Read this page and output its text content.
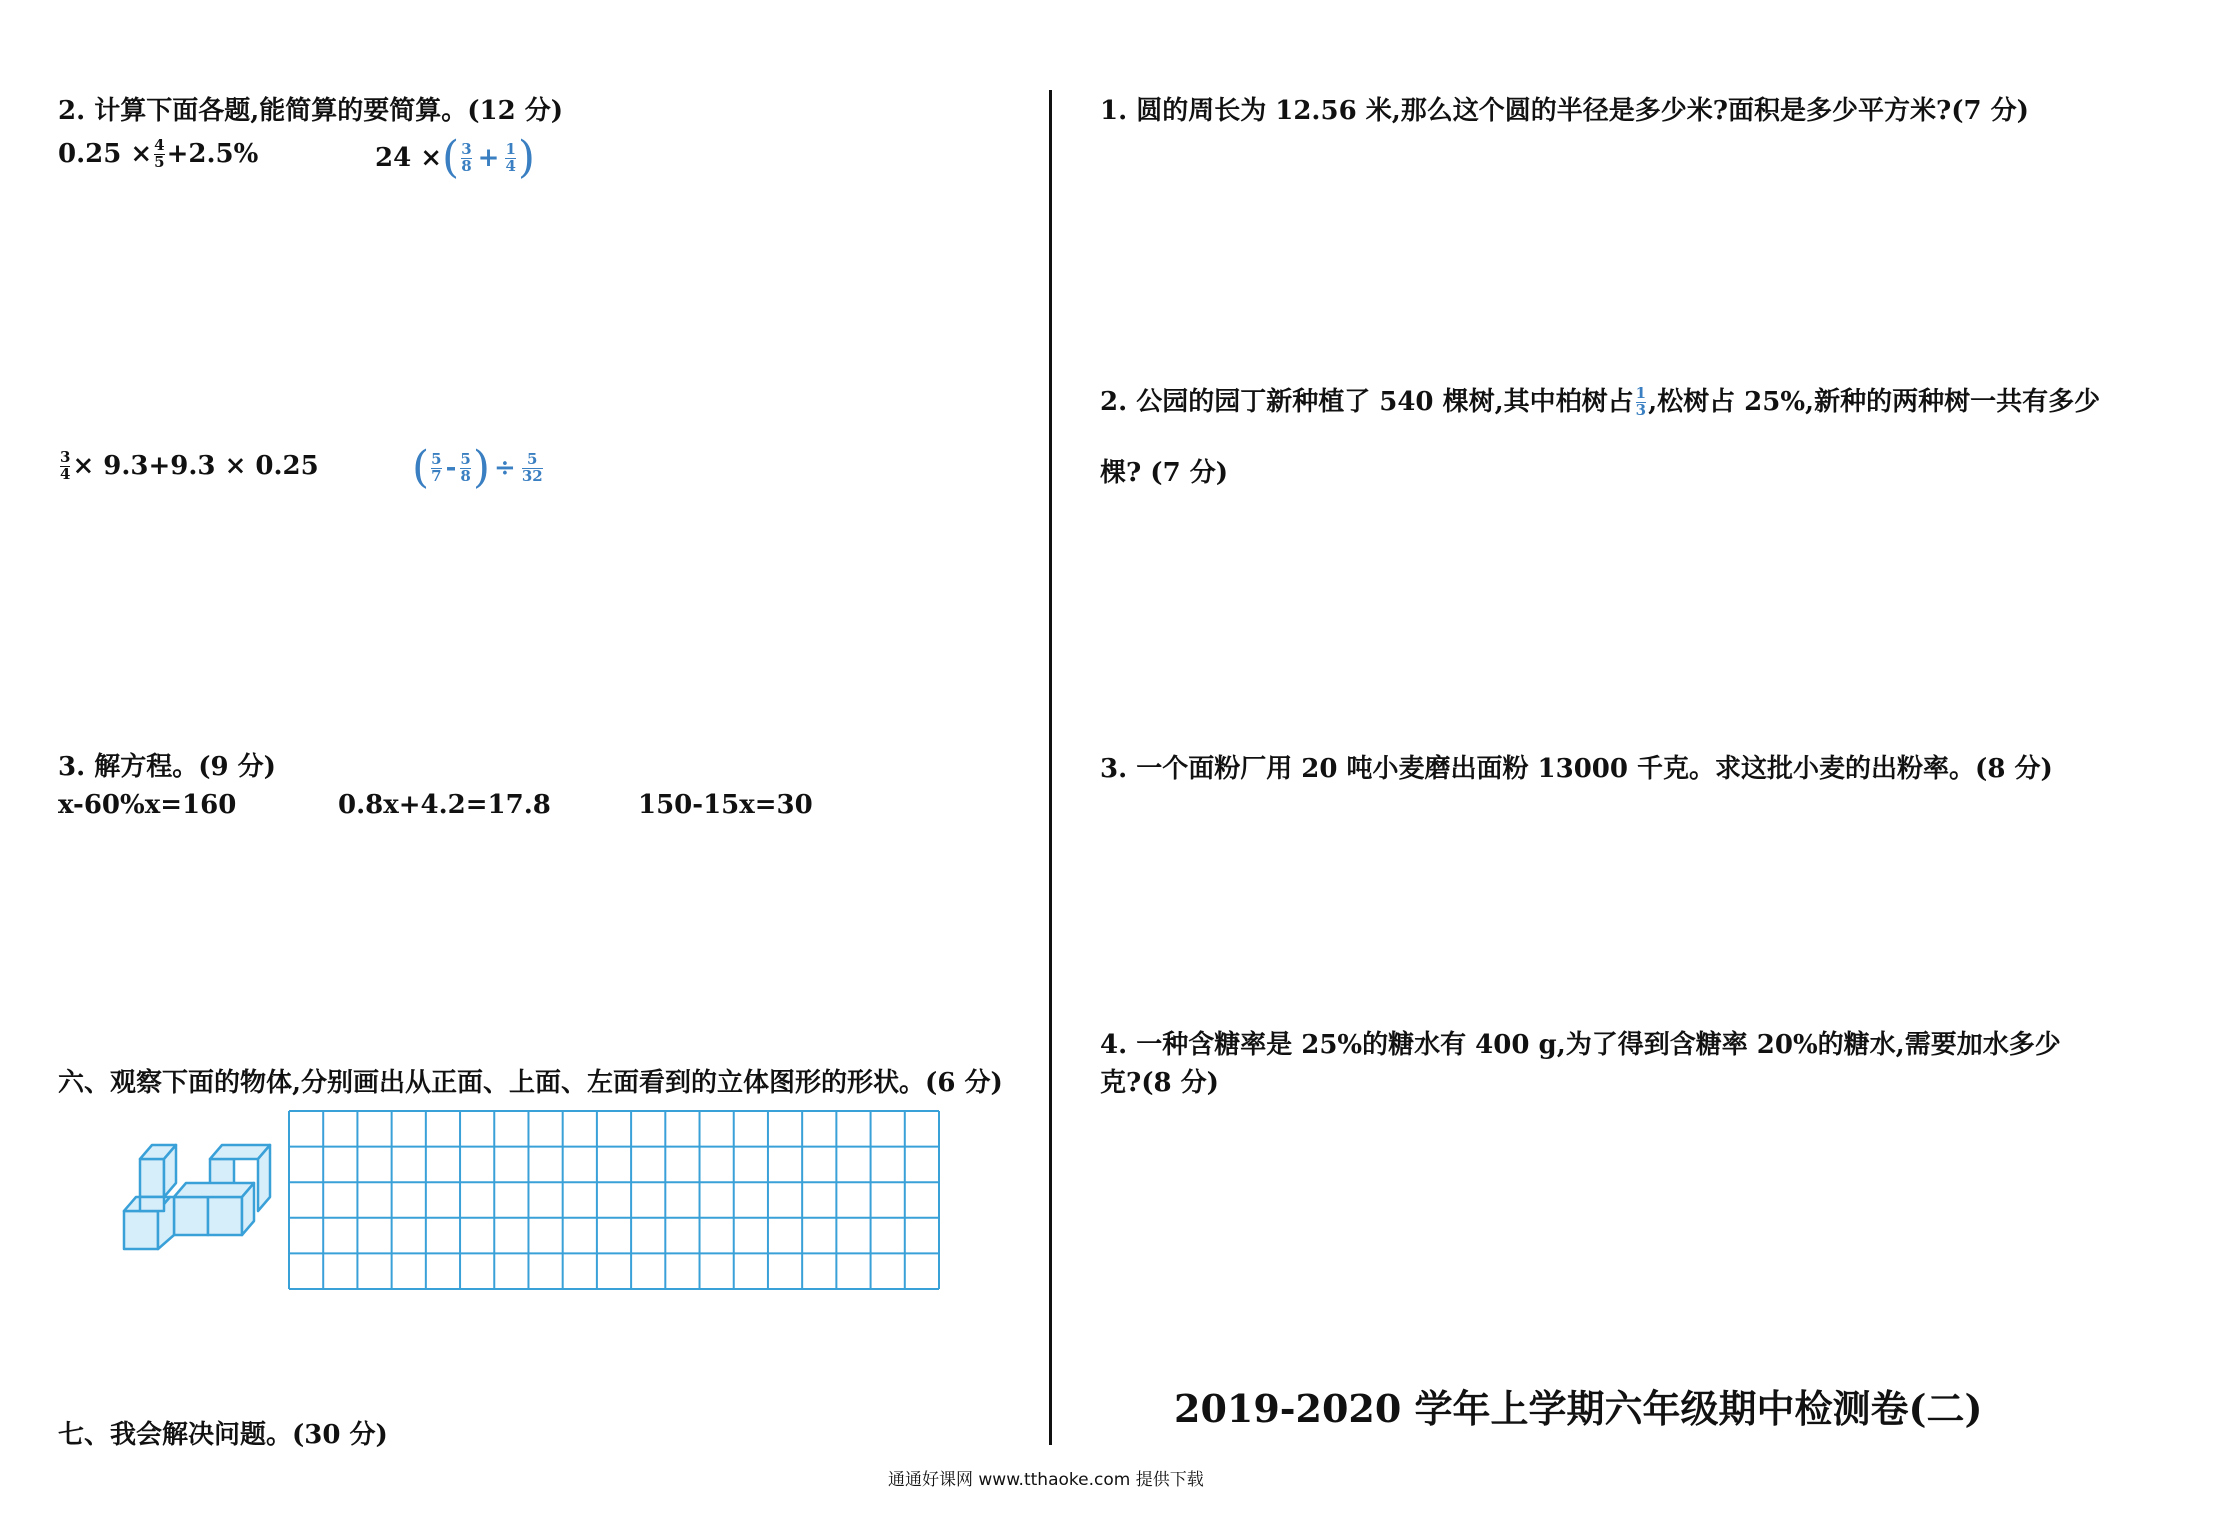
2. 计算下面各题,能简算的要简算。(12 分)
$0.25 \times \frac{4}{5} +2.5\%$	24 × ( $\frac{3}{8} + \frac{1}{4}$ )
$\frac{3}{4} \times 9.3+9.3 \times 0.25$ ( $\frac{5}{7} - \frac{5}{8}$ ) ÷ $\frac{5}{32}$
3. 解方程。(9 分)
x-60%x=160	0.8x+4.2=17.8	150-15x=30
六、观察下面的物体,分别画出从正面、上面、左面看到的立体图形的形状。(6 分)
七、我会解决问题。(30 分)
1. 圆的周长为 12.56 米,那么这个圆的半径是多少米?面积是多少平方米?(7 分)
2. 公园的园丁新种植了 540 棵树,其中柏树占 $\frac{1}{3}$ ,松树占 25%,新种的两种树一共有多少
棵? (7 分)
3. 一个面粉厂用 20 吨小麦磨出面粉 13000 千克。求这批小麦的出粉率。(8 分)
4. 一种含糖率是 25%的糖水有 400 g,为了得到含糖率 20%的糖水,需要加水多少
克?(8 分)
2019-2020 学年上学期六年级期中检测卷(二)
通通好课网 www.tthaoke.com 提供下载
